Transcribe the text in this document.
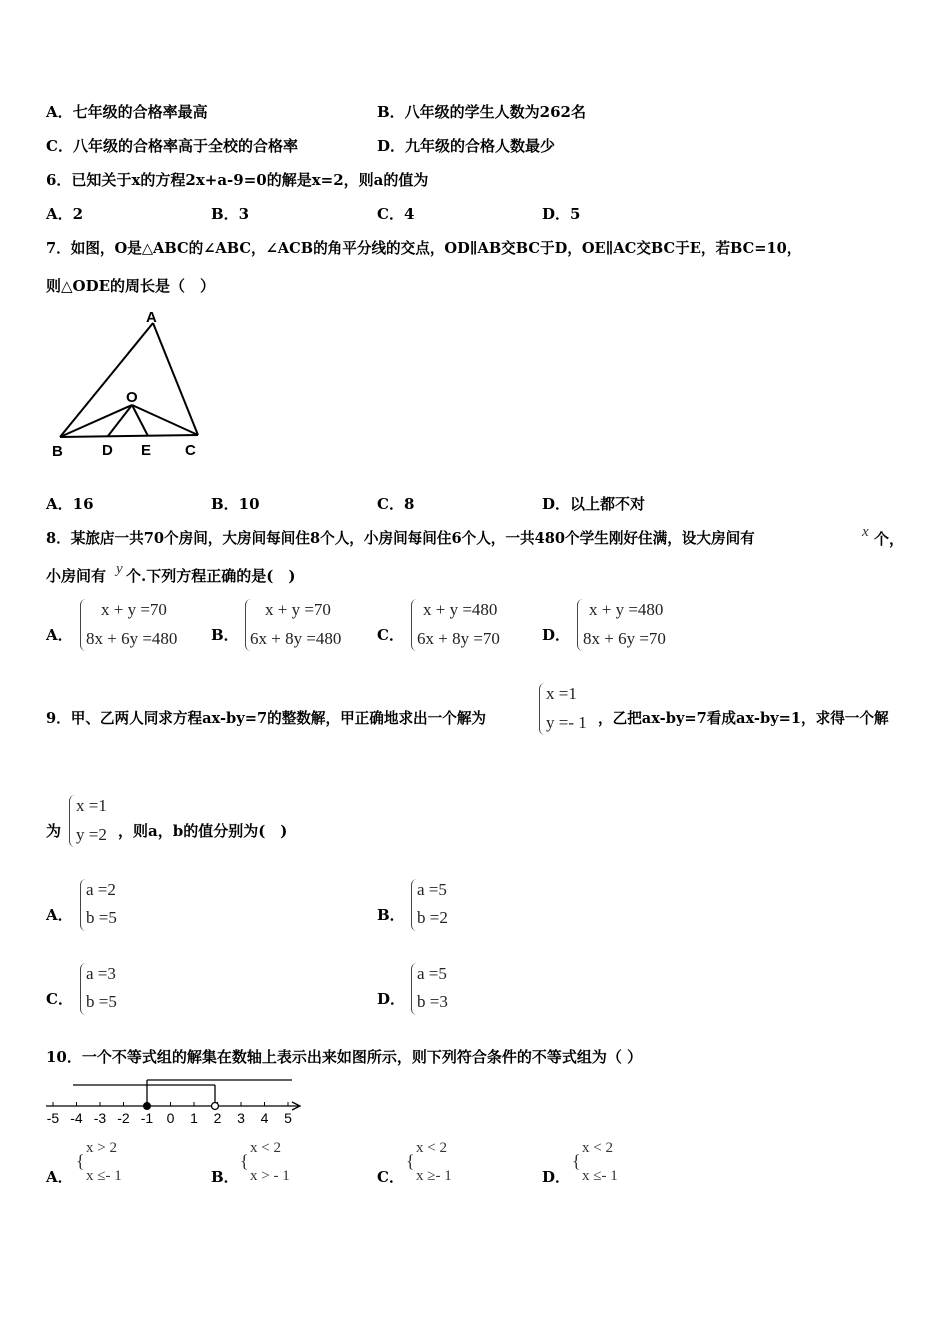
A．七年级的合格率最高	B．八年级的学生人数为262名
C．八年级的合格率高于全校的合格率	D．九年级的合格人数最少
6．已知关于x的方程2x+a-9=0的解是x=2，则a的值为
A．2	B．3	C．4	D．5
7．如图，O是△ABC的∠ABC，∠ACB的角平分线的交点，OD∥AB交BC于D，OE∥AC交BC于E，若BC=10，
则△ODE的周长是（　）
A
O
B	D E C
A．16	B．10	C．8	D．以上都不对
8．某旅店一共70个房间，大房间每间住8个人，小房间每间住6个人，一共480个学生刚好住满，设大房间有	x 个，
小房间有 y 个.下列方程正确的是(　)
A．
x + y =70
8x + 6y =480 B．
x + y =70
6x + 8y =480 C．
x + y =480
6x + 8y =70	D．
x + y =480
8x + 6y =70
9．甲、乙两人同求方程ax-by=7的整数解，甲正确地求出一个解为
x =1
y =- 1 ，乙把ax-by=7看成ax-by=1，求得一个解
为
x =1
y =2 ，则a，b的值分别为(　)
A．
a =2
b =5	B．
a =5
b =2
C．
a =3
b =5	D．
a =5
b =3
10．一个不等式组的解集在数轴上表示出来如图所示，则下列符合条件的不等式组为（ ）
-5 -4 -3 -2 -1 0 1 2 3 4 5
A．
{
x > 2
x ≤- 1	B．
{
x < 2
x > - 1	C．
{
x < 2
x ≥- 1	D．
{
x < 2
x ≤- 1
